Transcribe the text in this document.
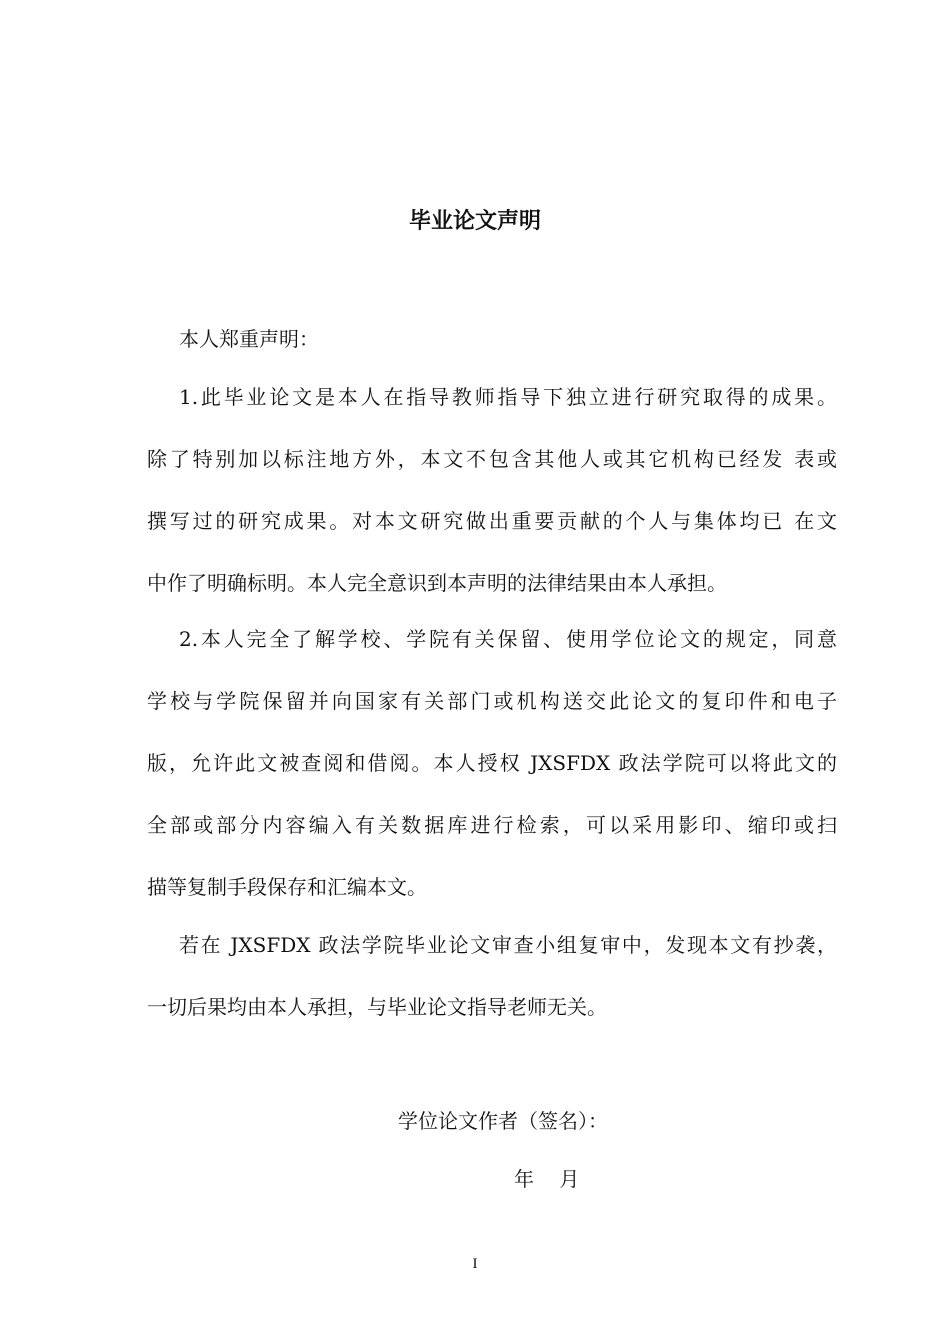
毕业论文声明

本人郑重声明：

1.此毕业论文是本人在指导教师指导下独立进行研究取得的成果。

除了特别加以标注地方外，本文不包含其他人或其它机构已经发 表或

撰写过的研究成果。对本文研究做出重要贡献的个人与集体均已 在文

中作了明确标明。本人完全意识到本声明的法律结果由本人承担。

2.本人完全了解学校、学院有关保留、使用学位论文的规定，同意

学校与学院保留并向国家有关部门或机构送交此论文的复印件和电子

版，允许此文被查阅和借阅。本人授权 JXSFDX 政法学院可以将此文的

全部或部分内容编入有关数据库进行检索，可以采用影印、缩印或扫

描等复制手段保存和汇编本文。

若在 JXSFDX 政法学院毕业论文审查小组复审中，发现本文有抄袭，

一切后果均由本人承担，与毕业论文指导老师无关。

学位论文作者（签名）：

年    月

I
